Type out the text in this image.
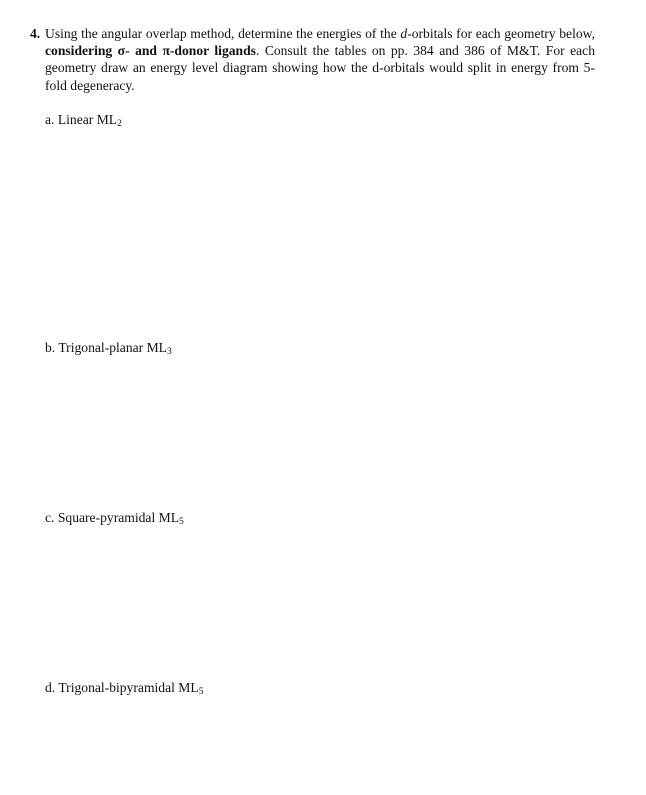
4. Using the angular overlap method, determine the energies of the d-orbitals for each geometry below, considering σ- and π-donor ligands. Consult the tables on pp. 384 and 386 of M&T. For each geometry draw an energy level diagram showing how the d-orbitals would split in energy from 5-fold degeneracy.
a. Linear $ML_2$
b. Trigonal-planar $ML_3$
c. Square-pyramidal $ML_5$
d. Trigonal-bipyramidal $ML_5$
